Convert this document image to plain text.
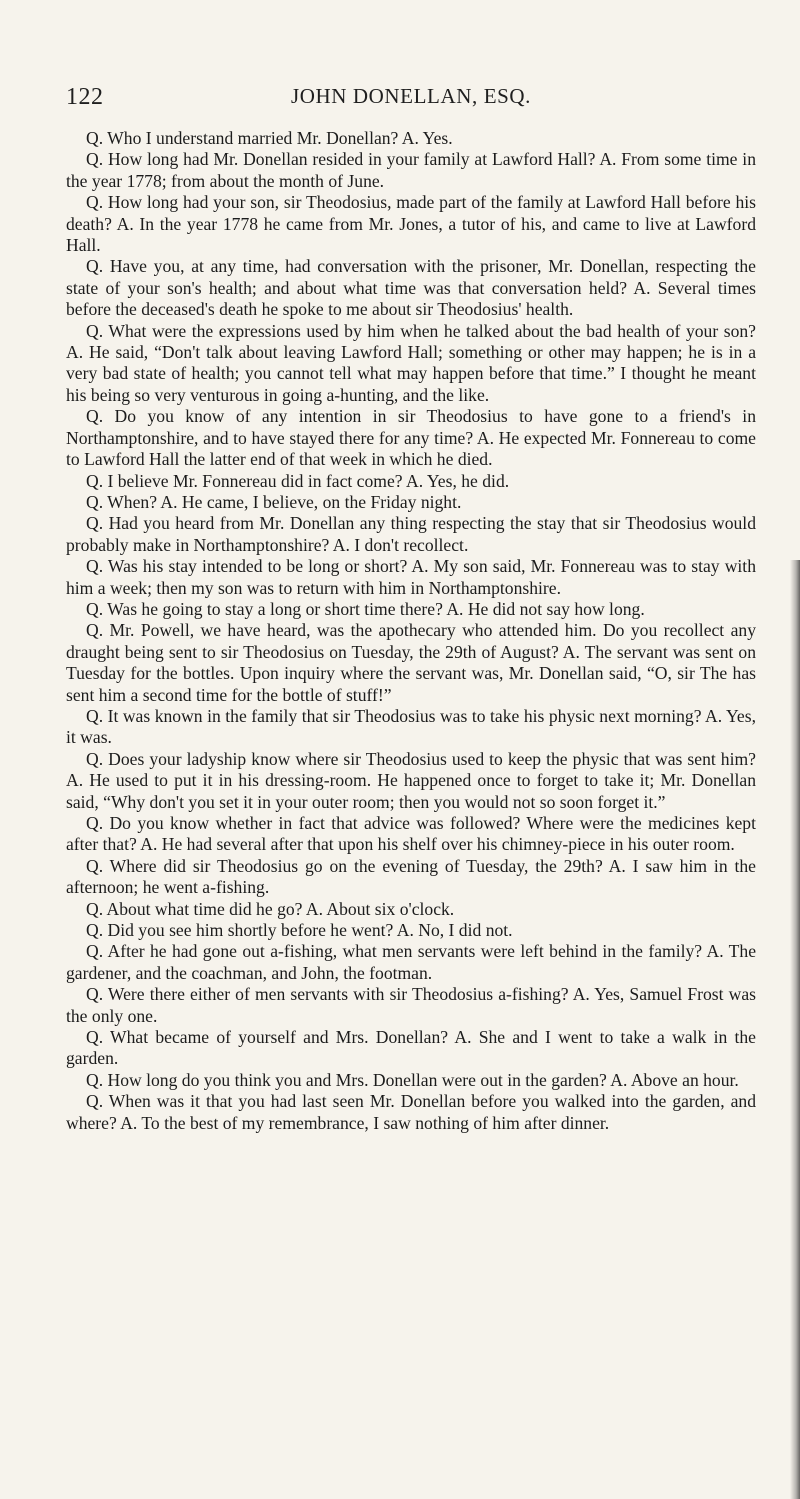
122	JOHN DONELLAN, ESQ.

Q. Who I understand married Mr. Donellan? A. Yes.

Q. How long had Mr. Donellan resided in your family at Lawford Hall? A. From some time in the year 1778; from about the month of June.

Q. How long had your son, sir Theodosius, made part of the family at Lawford Hall before his death? A. In the year 1778 he came from Mr. Jones, a tutor of his, and came to live at Lawford Hall.

Q. Have you, at any time, had conversation with the prisoner, Mr. Donellan, respecting the state of your son's health; and about what time was that conversation held? A. Several times before the deceased's death he spoke to me about sir Theodosius' health.

Q. What were the expressions used by him when he talked about the bad health of your son? A. He said, “Don't talk about leaving Lawford Hall; something or other may happen; he is in a very bad state of health; you cannot tell what may happen before that time.” I thought he meant his being so very venturous in going a-hunting, and the like.

Q. Do you know of any intention in sir Theodosius to have gone to a friend's in Northamptonshire, and to have stayed there for any time? A. He expected Mr. Fonnereau to come to Lawford Hall the latter end of that week in which he died.

Q. I believe Mr. Fonnereau did in fact come? A. Yes, he did.

Q. When? A. He came, I believe, on the Friday night.

Q. Had you heard from Mr. Donellan any thing respecting the stay that sir Theodosius would probably make in Northamptonshire? A. I don't recollect.

Q. Was his stay intended to be long or short? A. My son said, Mr. Fonnereau was to stay with him a week; then my son was to return with him in Northamptonshire.

Q. Was he going to stay a long or short time there? A. He did not say how long.

Q. Mr. Powell, we have heard, was the apothecary who attended him. Do you recollect any draught being sent to sir Theodosius on Tuesday, the 29th of August? A. The servant was sent on Tuesday for the bottles. Upon inquiry where the servant was, Mr. Donellan said, “O, sir The has sent him a second time for the bottle of stuff!”

Q. It was known in the family that sir Theodosius was to take his physic next morning? A. Yes, it was.

Q. Does your ladyship know where sir Theodosius used to keep the physic that was sent him? A. He used to put it in his dressing-room. He happened once to forget to take it; Mr. Donellan said, “Why don't you set it in your outer room; then you would not so soon forget it.”

Q. Do you know whether in fact that advice was followed? Where were the medicines kept after that? A. He had several after that upon his shelf over his chimney-piece in his outer room.

Q. Where did sir Theodosius go on the evening of Tuesday, the 29th? A. I saw him in the afternoon; he went a-fishing.

Q. About what time did he go? A. About six o'clock.

Q. Did you see him shortly before he went? A. No, I did not.

Q. After he had gone out a-fishing, what men servants were left behind in the family? A. The gardener, and the coachman, and John, the footman.

Q. Were there either of men servants with sir Theodosius a-fishing? A. Yes, Samuel Frost was the only one.

Q. What became of yourself and Mrs. Donellan? A. She and I went to take a walk in the garden.

Q. How long do you think you and Mrs. Donellan were out in the garden? A. Above an hour.

Q. When was it that you had last seen Mr. Donellan before you walked into the garden, and where? A. To the best of my remembrance, I saw nothing of him after dinner.
